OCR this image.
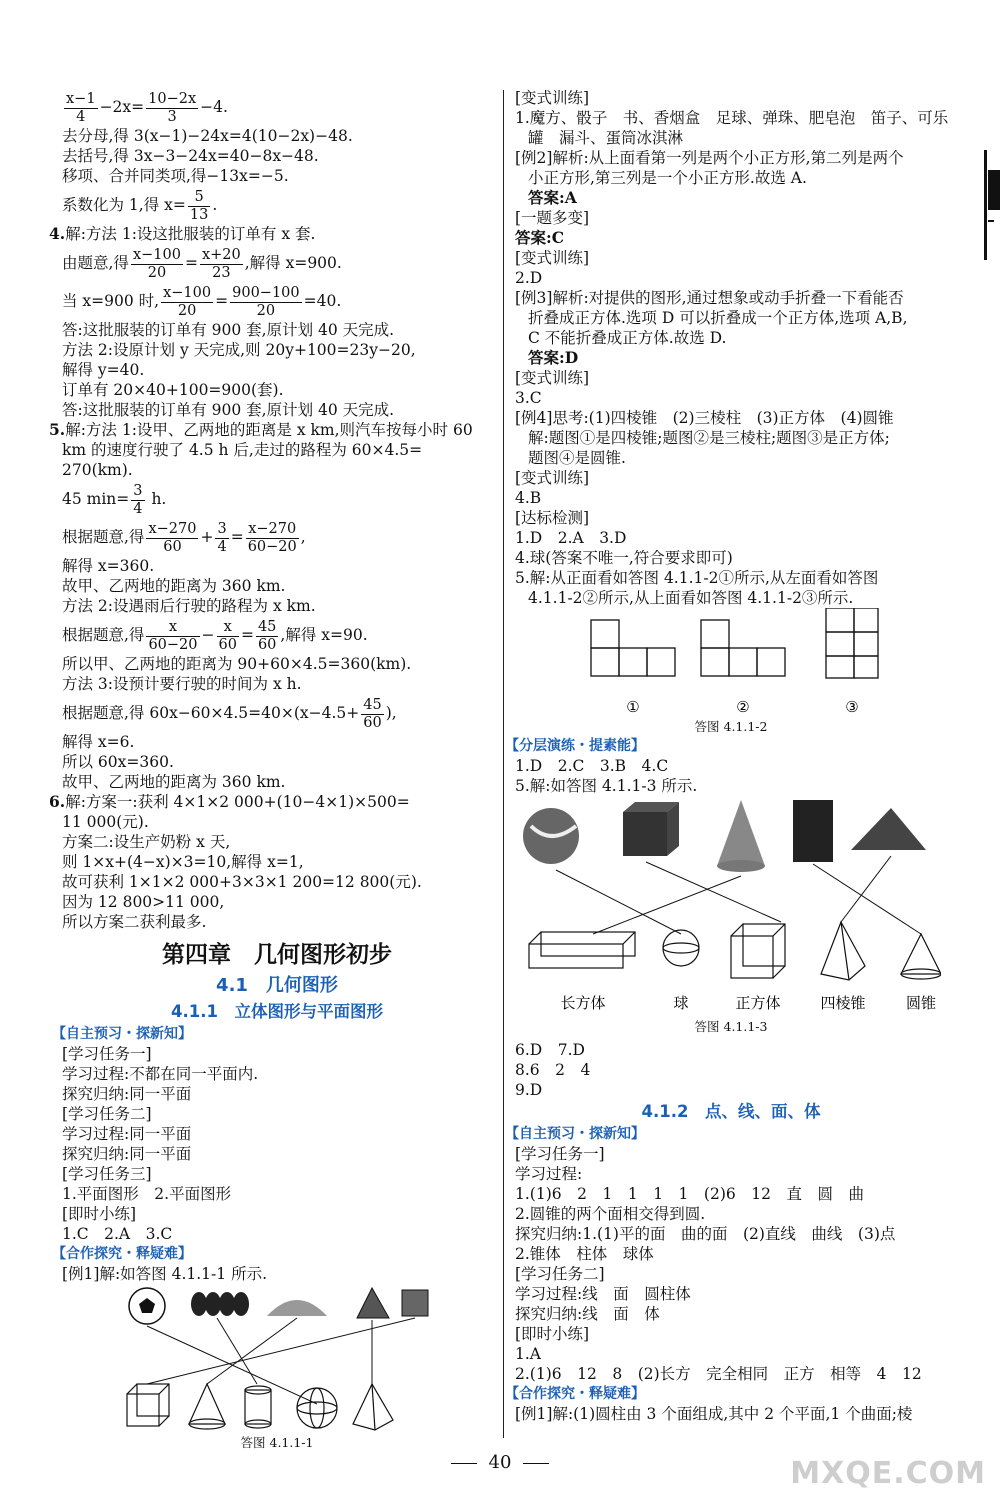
$\frac{x-1}{4} -2x= \frac{10-2x}{3} -4$.
去分母,得 3(x−1)−24x=4(10−2x)−48.
去括号,得 3x−3−24x=40−8x−48.
移项、合并同类项,得−13x=−5.
系数化为 1,得 $x= \frac{5}{13}$ .
4.解:方法 1:设这批服装的订单有 x 套.
由题意,得 $\frac{x-100}{20} = \frac{x+20}{23}$ ,解得 x=900.
当 x=900 时, $\frac{x-100}{20} = \frac{900-100}{20} =40$.
答:这批服装的订单有 900 套,原计划 40 天完成.
方法 2:设原计划 y 天完成,则 20y+100=23y−20,
解得 y=40.
订单有 20×40+100=900(套).
答:这批服装的订单有 900 套,原计划 40 天完成.
5.解:方法 1:设甲、乙两地的距离是 x km,则汽车按每小时 60
km 的速度行驶了 4.5 h 后,走过的路程为 60×4.5=
270(km).
45 $\min= \frac{3}{4} h$.
根据题意,得 $\frac{x-270}{60} + \frac{3}{4} = \frac{x-270}{60-20}$ ,
解得 x=360.
故甲、乙两地的距离为 360 km.
方法 2:设遇雨后行驶的路程为 x km.
根据题意,得 $\frac{x}{60-20} - \frac{x}{60} = \frac{45}{60}$ ,解得 x=90.
所以甲、乙两地的距离为 90+60×4.5=360(km).
方法 3:设预计要行驶的时间为 x h.
根据题意,得 $60x-60\times 4.5=40\times(x-4.5+ \frac{45}{60}$ ),
解得 x=6.
所以 60x=360.
故甲、乙两地的距离为 360 km.
6.解:方案一:获利 4×1×2 000+(10−4×1)×500=
11 000(元).
方案二:设生产奶粉 x 天,
则 1×x+(4−x)×3=10,解得 x=1,
故可获利 1×1×2 000+3×3×1 200=12 800(元).
因为 12 800>11 000,
所以方案二获利最多.
第四章　几何图形初步
4.1　几何图形
4.1.1　立体图形与平面图形
【自主预习・探新知】
[学习任务一]
学习过程:不都在同一平面内.
探究归纳:同一平面
[学习任务二]
学习过程:同一平面
探究归纳:同一平面
[学习任务三]
1.平面图形　2.平面图形
[即时小练]
1.C　2.A　3.C
【合作探究・释疑难】
[例1]解:如答图 4.1.1-1 所示.
答图 4.1.1-1
[变式训练]
1.魔方、骰子　书、香烟盒　足球、弹珠、肥皂泡　笛子、可乐
罐　漏斗、蛋筒冰淇淋
[例2]解析:从上面看第一列是两个小正方形,第二列是两个
小正方形,第三列是一个小正方形.故选 A.
答案:A
[一题多变]
答案:C
[变式训练]
2.D
[例3]解析:对提供的图形,通过想象或动手折叠一下看能否
折叠成正方体.选项 D 可以折叠成一个正方体,选项 A,B,
C 不能折叠成正方体.故选 D.
答案:D
[变式训练]
3.C
[例4]思考:(1)四棱锥　(2)三棱柱　(3)正方体　(4)圆锥
解:题图①是四棱锥;题图②是三棱柱;题图③是正方体;
题图④是圆锥.
[变式训练]
4.B
[达标检测]
1.D　2.A　3.D
4.球(答案不唯一,符合要求即可)
5.解:从正面看如答图 4.1.1-2①所示,从左面看如答图
4.1.1-2②所示,从上面看如答图 4.1.1-2③所示.
①	②	③
答图 4.1.1-2
【分层演练・提素能】
1.D　2.C　3.B　4.C
5.解:如答图 4.1.1-3 所示.
长方体	球	正方体	四棱锥	圆锥
答图 4.1.1-3
6.D　7.D
8.6　2　4
9.D
4.1.2　点、线、面、体
【自主预习・探新知】
[学习任务一]
学习过程:
1.(1)6　2　1　1　1　1　(2)6　12　直　圆　曲
2.圆锥的两个面相交得到圆.
探究归纳:1.(1)平的面　曲的面　(2)直线　曲线　(3)点
2.锥体　柱体　球体
[学习任务二]
学习过程:线　面　圆柱体
探究归纳:线　面　体
[即时小练]
1.A
2.(1)6　12　8　(2)长方　完全相同　正方　相等　4　12
【合作探究・释疑难】
[例1]解:(1)圆柱由 3 个面组成,其中 2 个平面,1 个曲面;棱
40	MXQE.COM
